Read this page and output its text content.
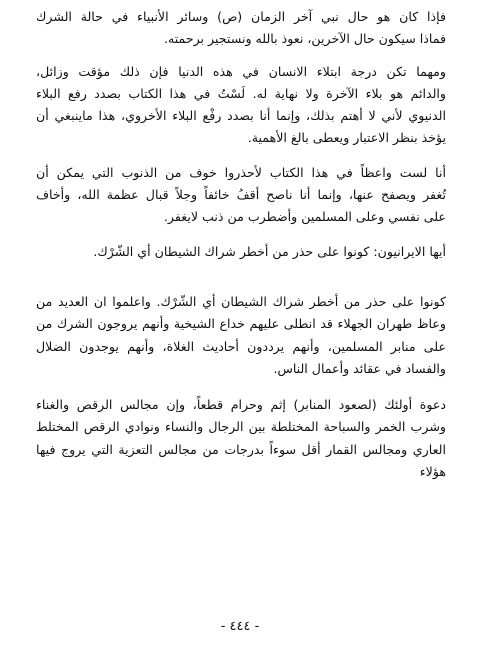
فإذا كان هو حال نبي آخر الزمان (ص) وسائر الأنبياء في حالة الشرك
فماذا سيكون حال الآخرين، نعوذ بالله ونستجير برحمته.

ومهما تكن درجة ابتلاء الانسان في هذه الدنيا فإن ذلك مؤقت وزائل،
والدائم هو بلاء الآخرة ولا نهاية له. لَسْتُ في هذا الكتاب بصدد رفع البلاء
الدنيوي لأني لا أهتم بذلك، وإنما أنا بصدد رفْع البلاء الأخروي، هذا ماينبغي أن
يؤخذ بنظر الاعتبار ويعطى بالغ الأهمية.

أنا لست واعظاً في هذا الكتاب لأحذروا خوف من الذنوب التي يمكن أن
تُغفر ويصفح عنها، وإنما أنا ناصح أقفُ خائفاً وجلاً قبال عظمة الله، وأخاف
على نفسي وعلى المسلمين وأضطرب من ذنب لايغفر.

أيها الايرانيون: كونوا على حذر من أخطر شراك الشيطان أي الشّرْك.

كونوا على حذر من أخطر شراك الشيطان أي الشّرْك. واعلموا ان العديد من
وعاظ طهران الجهلاء قد انطلى عليهم خداع الشيخية وأنهم يروجون الشرك من
على منابر المسلمين، وأنهم يرددون أحاديث الغلاة، وأنهم يوجدون الضلال
والفساد في عقائد وأعمال الناس.

دعوة أولئك (لصعود المنابر) إثم وحرام قطعاً، وإن مجالس الرقص والغناء
وشرب الخمر والسباحة المختلطة بين الرجال والنساء ونوادي الرقص المختلط
العاري ومجالس القمار أقل سوءاً بدرجات من مجالس التعزية التي يروج فيها هؤلاء

- ٤٤٤ -
